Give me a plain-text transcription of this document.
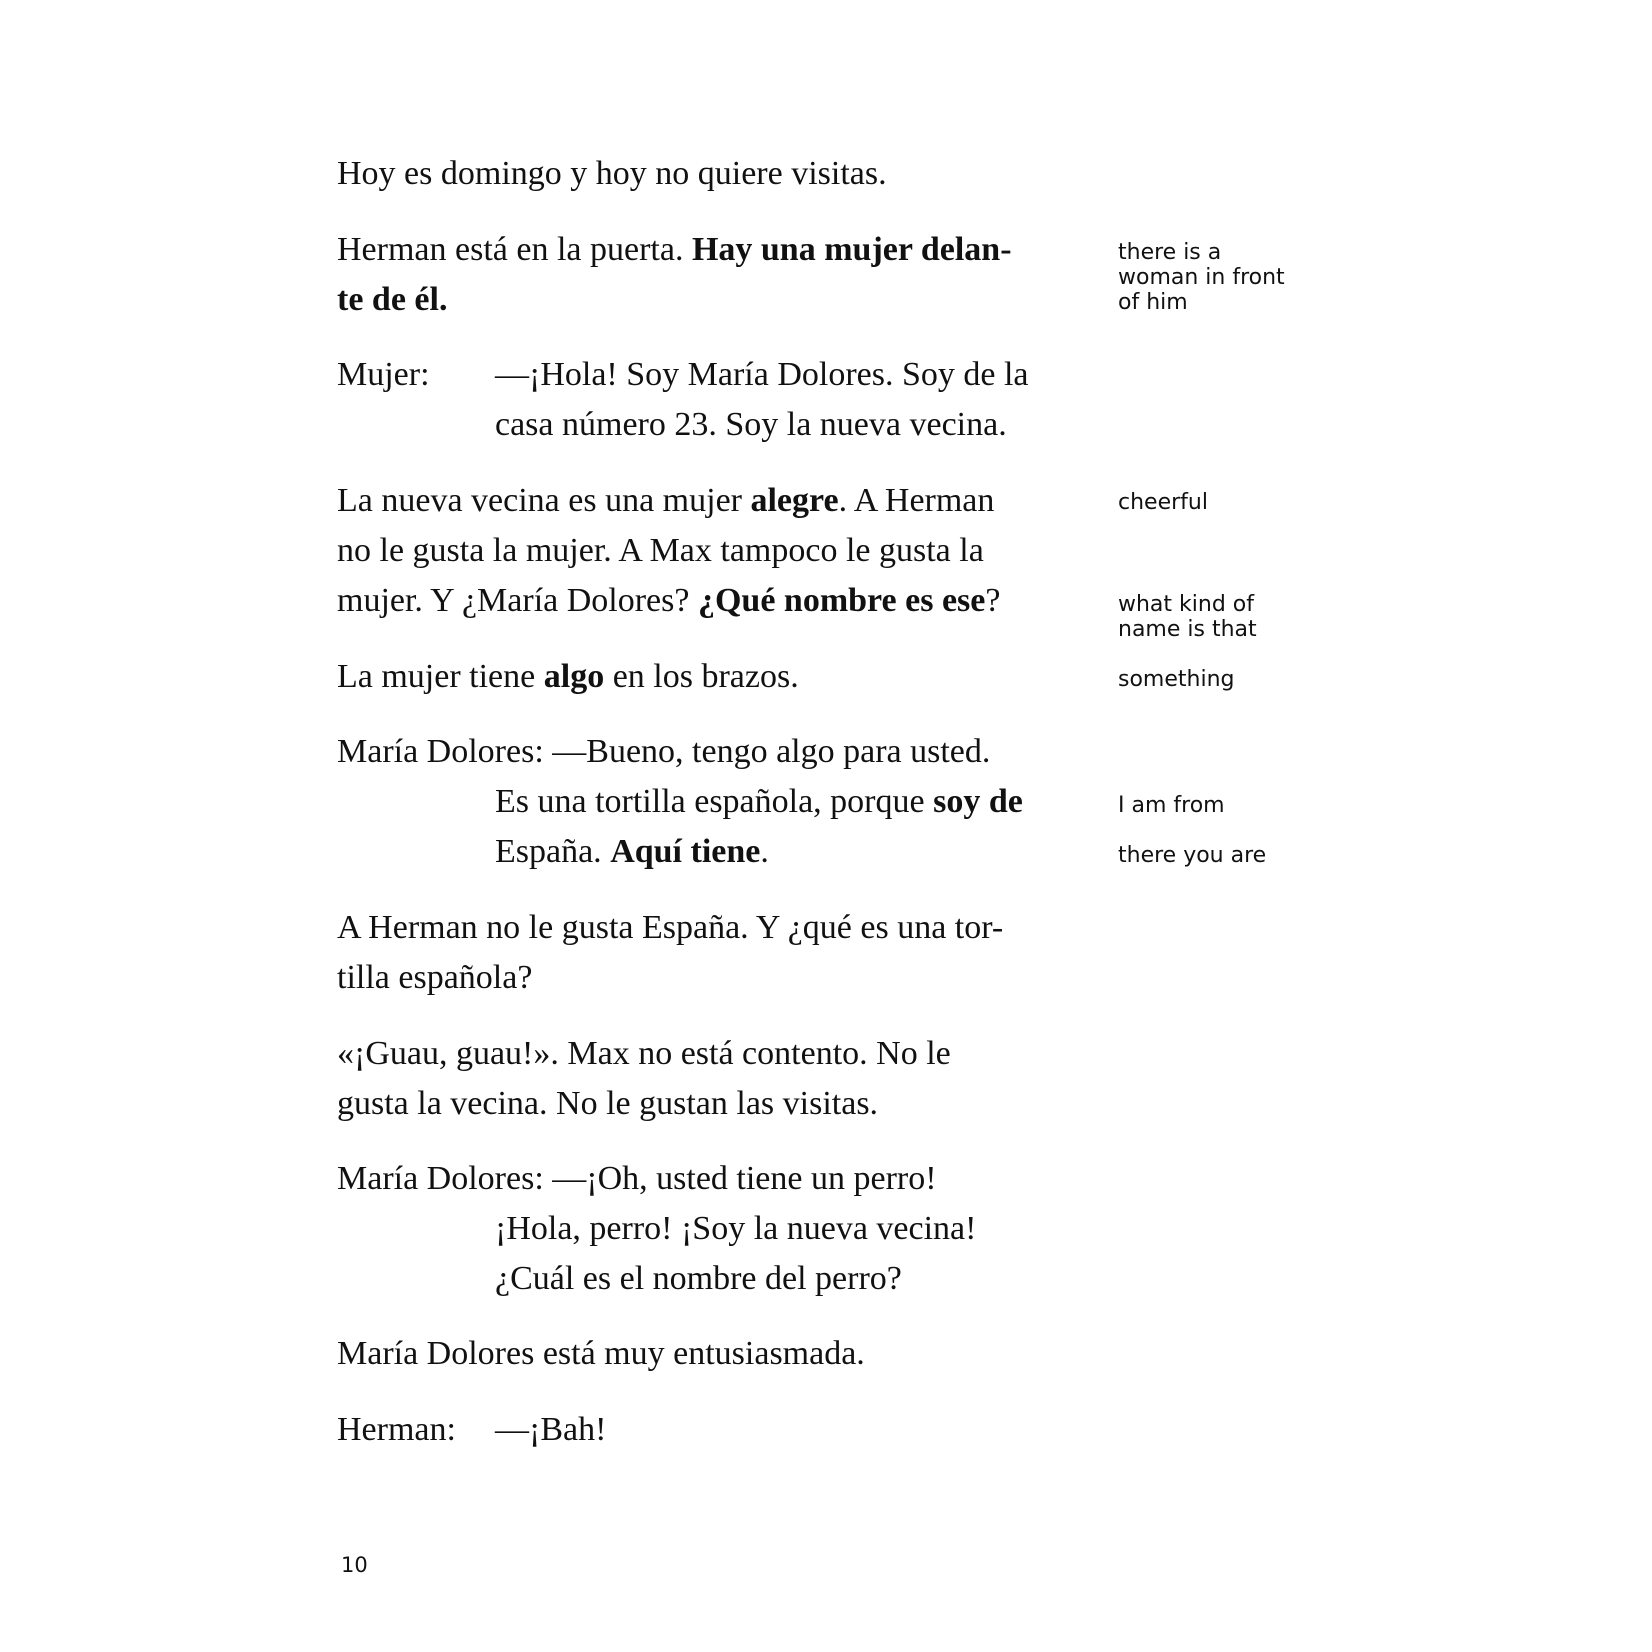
Hoy es domingo y hoy no quiere visitas.
Herman está en la puerta. Hay una mujer delan-
te de él.
Mujer:	—¡Hola! Soy María Dolores. Soy de la
casa número 23. Soy la nueva vecina.
La nueva vecina es una mujer alegre. A Herman
no le gusta la mujer. A Max tampoco le gusta la
mujer. Y ¿María Dolores? ¿Qué nombre es ese?
La mujer tiene algo en los brazos.
María Dolores: —Bueno, tengo algo para usted.
Es una tortilla española, porque soy de
España. Aquí tiene.
A Herman no le gusta España. Y ¿qué es una tor-
tilla española?
«¡Guau, guau!». Max no está contento. No le
gusta la vecina. No le gustan las visitas.
María Dolores: —¡Oh, usted tiene un perro!
¡Hola, perro! ¡Soy la nueva vecina!
¿Cuál es el nombre del perro?
María Dolores está muy entusiasmada.
Herman:	—¡Bah!
there is a
woman in front
of him
cheerful
what kind of
name is that
something
I am from
there you are
10
